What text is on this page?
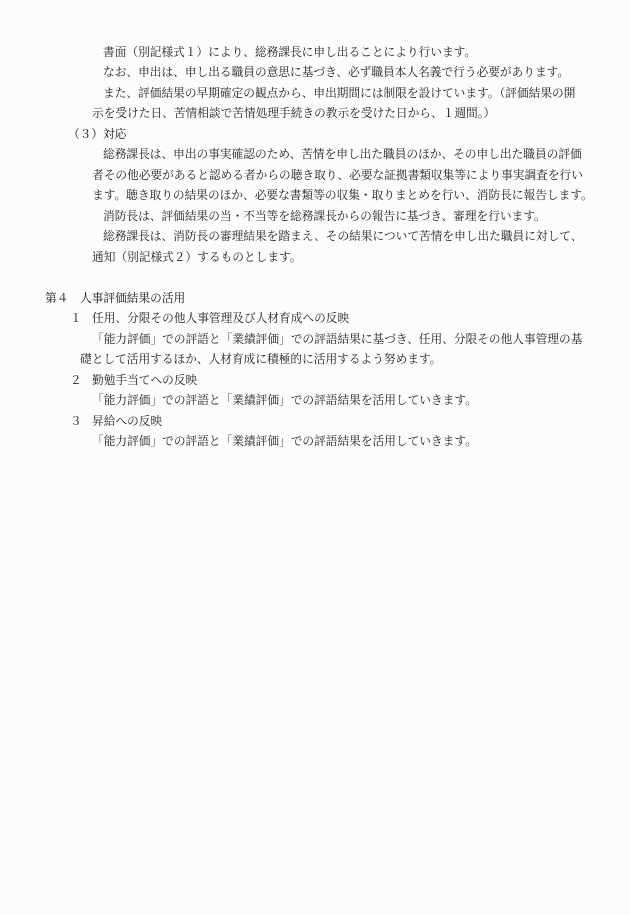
書面（別記様式１）により、総務課長に申し出ることにより行います。
なお、申出は、申し出る職員の意思に基づき、必ず職員本人名義で行う必要があります。
また、評価結果の早期確定の観点から、申出期間には制限を設けています。（評価結果の開
示を受けた日、苦情相談で苦情処理手続きの教示を受けた日から、１週間。）
（３） 対応
総務課長は、申出の事実確認のため、苦情を申し出た職員のほか、その申し出た職員の評価
者その他必要があると認める者からの聴き取り、必要な証拠書類収集等により事実調査を行い
ます。聴き取りの結果のほか、必要な書類等の収集・取りまとめを行い、消防長に報告します。
消防長は、評価結果の当・不当等を総務課長からの報告に基づき、審理を行います。
総務課長は、消防長の審理結果を踏まえ、その結果について苦情を申し出た職員に対して、
通知（別記様式２）するものとします。
第４ 人事評価結果の活用
１ 任用、分限その他人事管理及び人材育成への反映
「能力評価」での評語と「業績評価」での評語結果に基づき、任用、分限その他人事管理の基
礎として活用するほか、人材育成に積極的に活用するよう努めます。
２ 勤勉手当てへの反映
「能力評価」での評語と「業績評価」での評語結果を活用していきます。
３ 昇給への反映
「能力評価」での評語と「業績評価」での評語結果を活用していきます。
